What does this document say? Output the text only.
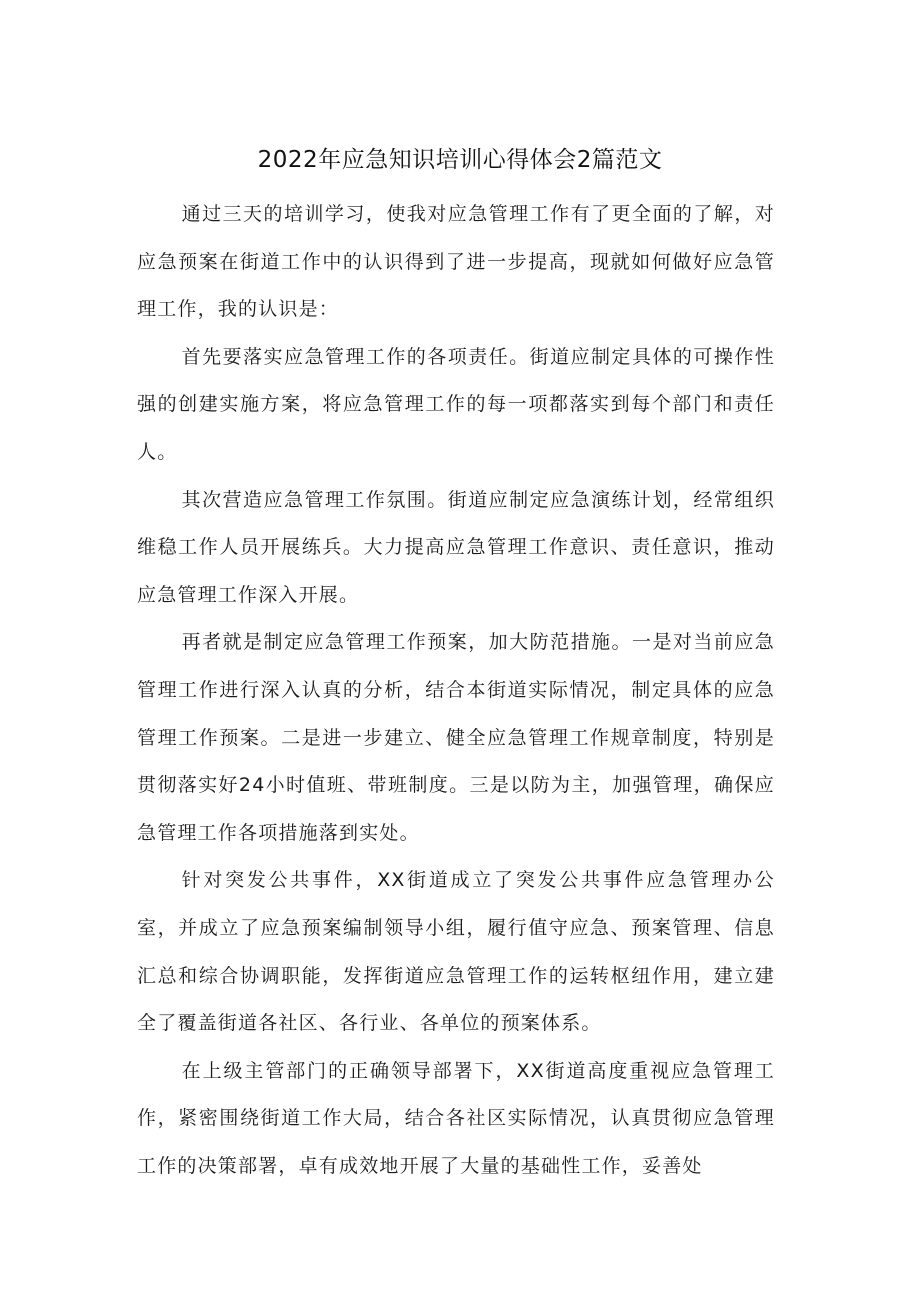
2022年应急知识培训心得体会2篇范文

通过三天的培训学习，使我对应急管理工作有了更全面的了解，对应急预案在街道工作中的认识得到了进一步提高，现就如何做好应急管理工作，我的认识是：

首先要落实应急管理工作的各项责任。街道应制定具体的可操作性强的创建实施方案，将应急管理工作的每一项都落实到每个部门和责任人。

其次营造应急管理工作氛围。街道应制定应急演练计划，经常组织维稳工作人员开展练兵。大力提高应急管理工作意识、责任意识，推动应急管理工作深入开展。

再者就是制定应急管理工作预案，加大防范措施。一是对当前应急管理工作进行深入认真的分析，结合本街道实际情况，制定具体的应急管理工作预案。二是进一步建立、健全应急管理工作规章制度，特别是贯彻落实好24小时值班、带班制度。三是以防为主，加强管理，确保应急管理工作各项措施落到实处。

针对突发公共事件，XX街道成立了突发公共事件应急管理办公室，并成立了应急预案编制领导小组，履行值守应急、预案管理、信息汇总和综合协调职能，发挥街道应急管理工作的运转枢纽作用，建立建全了覆盖街道各社区、各行业、各单位的预案体系。

在上级主管部门的正确领导部署下，XX街道高度重视应急管理工作，紧密围绕街道工作大局，结合各社区实际情况，认真贯彻应急管理工作的决策部署，卓有成效地开展了大量的基础性工作，妥善处
